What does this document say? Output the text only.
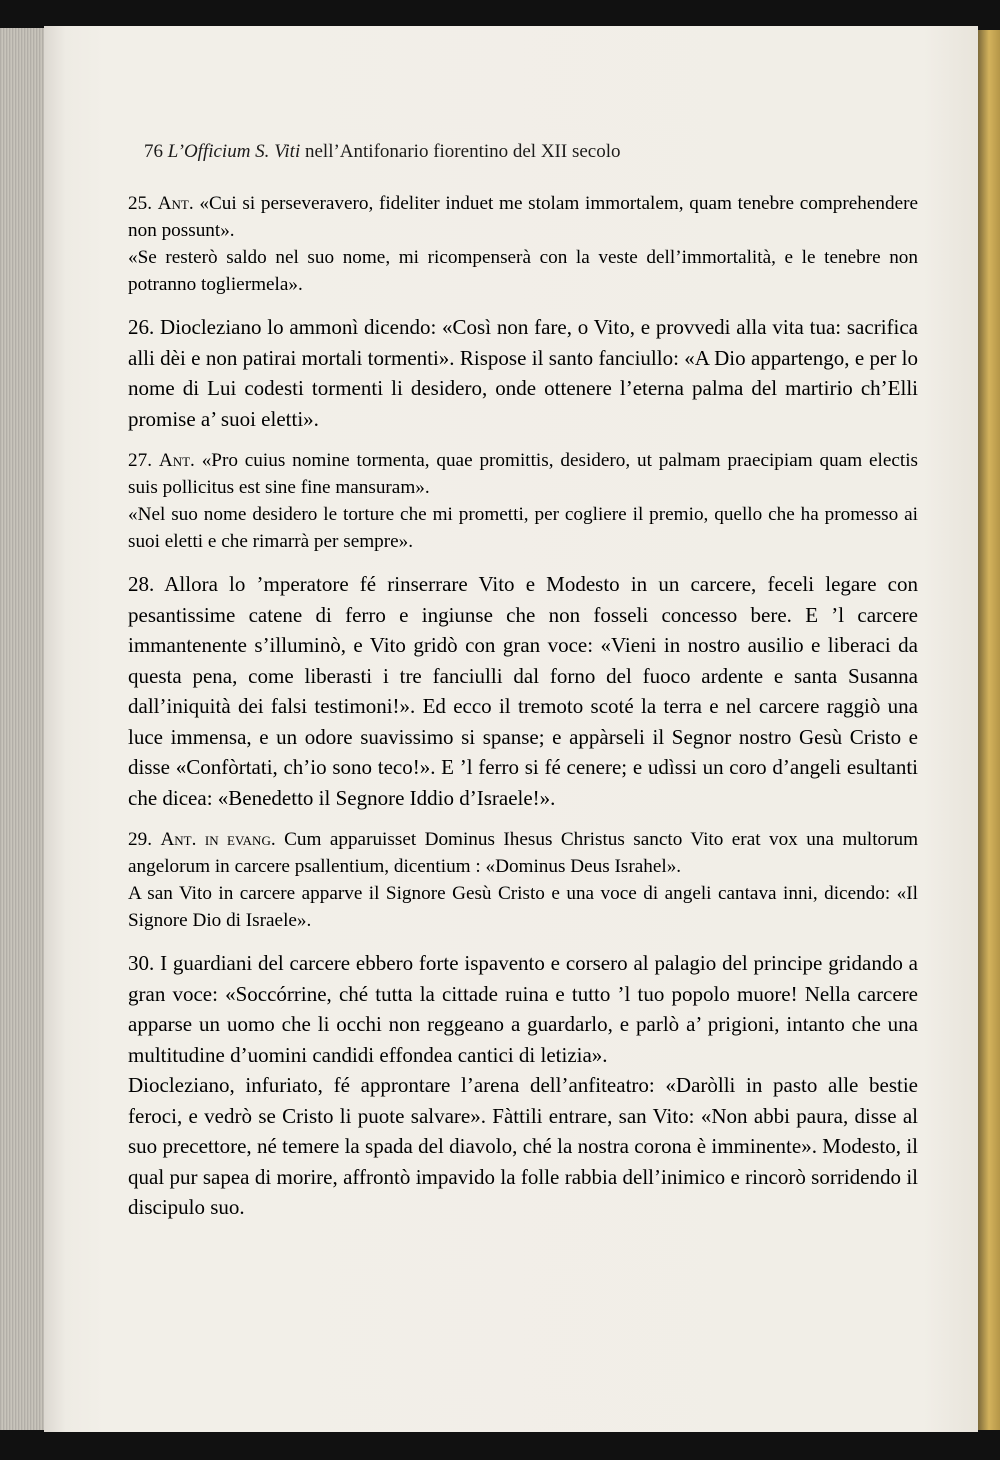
76 L’Officium S. Viti nell’Antifonario fiorentino del XII secolo

25. Ant. «Cui si perseveravero, fideliter induet me stolam immortalem, quam tenebre comprehendere non possunt».

«Se resterò saldo nel suo nome, mi ricompenserà con la veste dell’immortalità, e le tenebre non potranno togliermela».

26. Diocleziano lo ammonì dicendo: «Così non fare, o Vito, e provvedi alla vita tua: sacrifica alli dèi e non patirai mortali tormenti». Rispose il santo fanciullo: «A Dio appartengo, e per lo nome di Lui codesti tormenti li desidero, onde ottenere l’eterna palma del martirio ch’Elli promise a’ suoi eletti».

27. Ant. «Pro cuius nomine tormenta, quae promittis, desidero, ut palmam praecipiam quam electis suis pollicitus est sine fine mansuram».

«Nel suo nome desidero le torture che mi prometti, per cogliere il premio, quello che ha promesso ai suoi eletti e che rimarrà per sempre».

28. Allora lo ’mperatore fé rinserrare Vito e Modesto in un carcere, feceli legare con pesantissime catene di ferro e ingiunse che non fosseli concesso bere. E ’l carcere immantenente s’illuminò, e Vito gridò con gran voce: «Vieni in nostro ausilio e liberaci da questa pena, come liberasti i tre fanciulli dal forno del fuoco ardente e santa Susanna dall’iniquità dei falsi testimoni!». Ed ecco il tremoto scoté la terra e nel carcere raggiò una luce immensa, e un odore suavissimo si spanse; e appàrseli il Segnor nostro Gesù Cristo e disse «Confòrtati, ch’io sono teco!». E ’l ferro si fé cenere; e udìssi un coro d’angeli esultanti che dicea: «Benedetto il Segnore Iddio d’Israele!».

29. Ant. in evang. Cum apparuisset Dominus Ihesus Christus sancto Vito erat vox una multorum angelorum in carcere psallentium, dicentium : «Dominus Deus Israhel».

A san Vito in carcere apparve il Signore Gesù Cristo e una voce di angeli cantava inni, dicendo: «Il Signore Dio di Israele».

30. I guardiani del carcere ebbero forte ispavento e corsero al palagio del principe gridando a gran voce: «Soccórrine, ché tutta la cittade ruina e tutto ’l tuo popolo muore! Nella carcere apparse un uomo che li occhi non reggeano a guardarlo, e parlò a’ prigioni, intanto che una multitudine d’uomini candidi effondea cantici di letizia».

Diocleziano, infuriato, fé approntare l’arena dell’anfiteatro: «Daròlli in pasto alle bestie feroci, e vedrò se Cristo li puote salvare». Fàttili entrare, san Vito: «Non abbi paura, disse al suo precettore, né temere la spada del diavolo, ché la nostra corona è imminente». Modesto, il qual pur sapea di morire, affrontò impavido la folle rabbia dell’inimico e rincorò sorridendo il discipulo suo.
